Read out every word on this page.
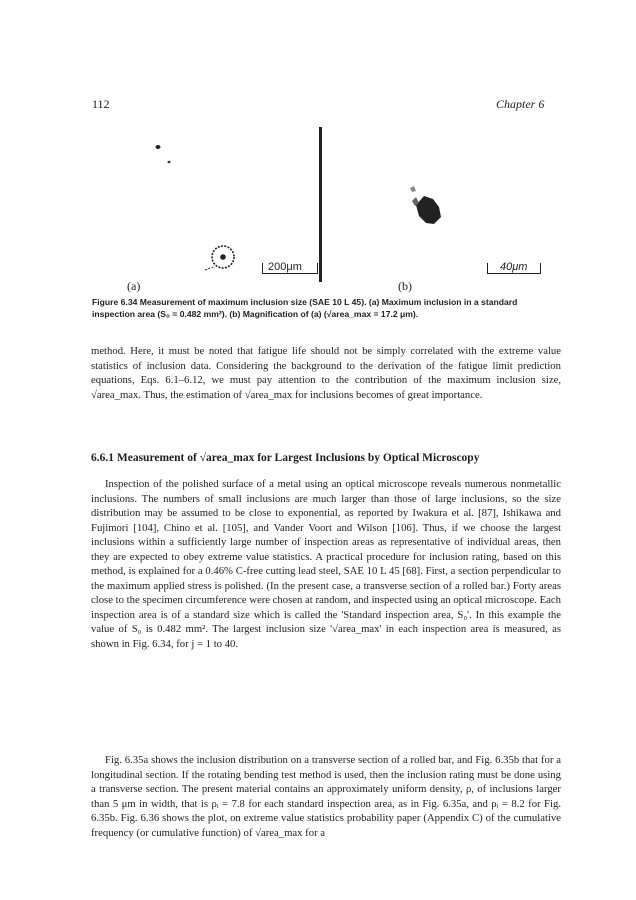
112	Chapter 6
200μm	40μm
(a)	(b)
Figure 6.34 Measurement of maximum inclusion size (SAE 10 L 45). (a) Maximum inclusion in a standard inspection area (S₀ = 0.482 mm²). (b) Magnification of (a) (√area_max = 17.2 μm).

method. Here, it must be noted that fatigue life should not be simply correlated with the extreme value statistics of inclusion data. Considering the background to the derivation of the fatigue limit prediction equations, Eqs. 6.1–6.12, we must pay attention to the contribution of the maximum inclusion size, √area_max. Thus, the estimation of √area_max for inclusions becomes of great importance.

6.6.1 Measurement of √area_max for Largest Inclusions by Optical Microscopy

Inspection of the polished surface of a metal using an optical microscope reveals numerous nonmetallic inclusions. The numbers of small inclusions are much larger than those of large inclusions, so the size distribution may be assumed to be close to exponential, as reported by Iwakura et al. [87], Ishikawa and Fujimori [104], Chino et al. [105], and Vander Voort and Wilson [106]. Thus, if we choose the largest inclusions within a sufficiently large number of inspection areas as representative of individual areas, then they are expected to obey extreme value statistics. A practical procedure for inclusion rating, based on this method, is explained for a 0.46% C-free cutting lead steel, SAE 10 L 45 [68]. First, a section perpendicular to the maximum applied stress is polished. (In the present case, a transverse section of a rolled bar.) Forty areas close to the specimen circumference were chosen at random, and inspected using an optical microscope. Each inspection area is of a standard size which is called the 'Standard inspection area, S₀'. In this example the value of S₀ is 0.482 mm². The largest inclusion size '√area_max' in each inspection area is measured, as shown in Fig. 6.34, for j = 1 to 40.

Fig. 6.35a shows the inclusion distribution on a transverse section of a rolled bar, and Fig. 6.35b that for a longitudinal section. If the rotating bending test method is used, then the inclusion rating must be done using a transverse section. The present material contains an approximately uniform density, ρ, of inclusions larger than 5 μm in width, that is ρᵢ = 7.8 for each standard inspection area, as in Fig. 6.35a, and ρᵢ = 8.2 for Fig. 6.35b. Fig. 6.36 shows the plot, on extreme value statistics probability paper (Appendix C) of the cumulative frequency (or cumulative function) of √area_max for a
